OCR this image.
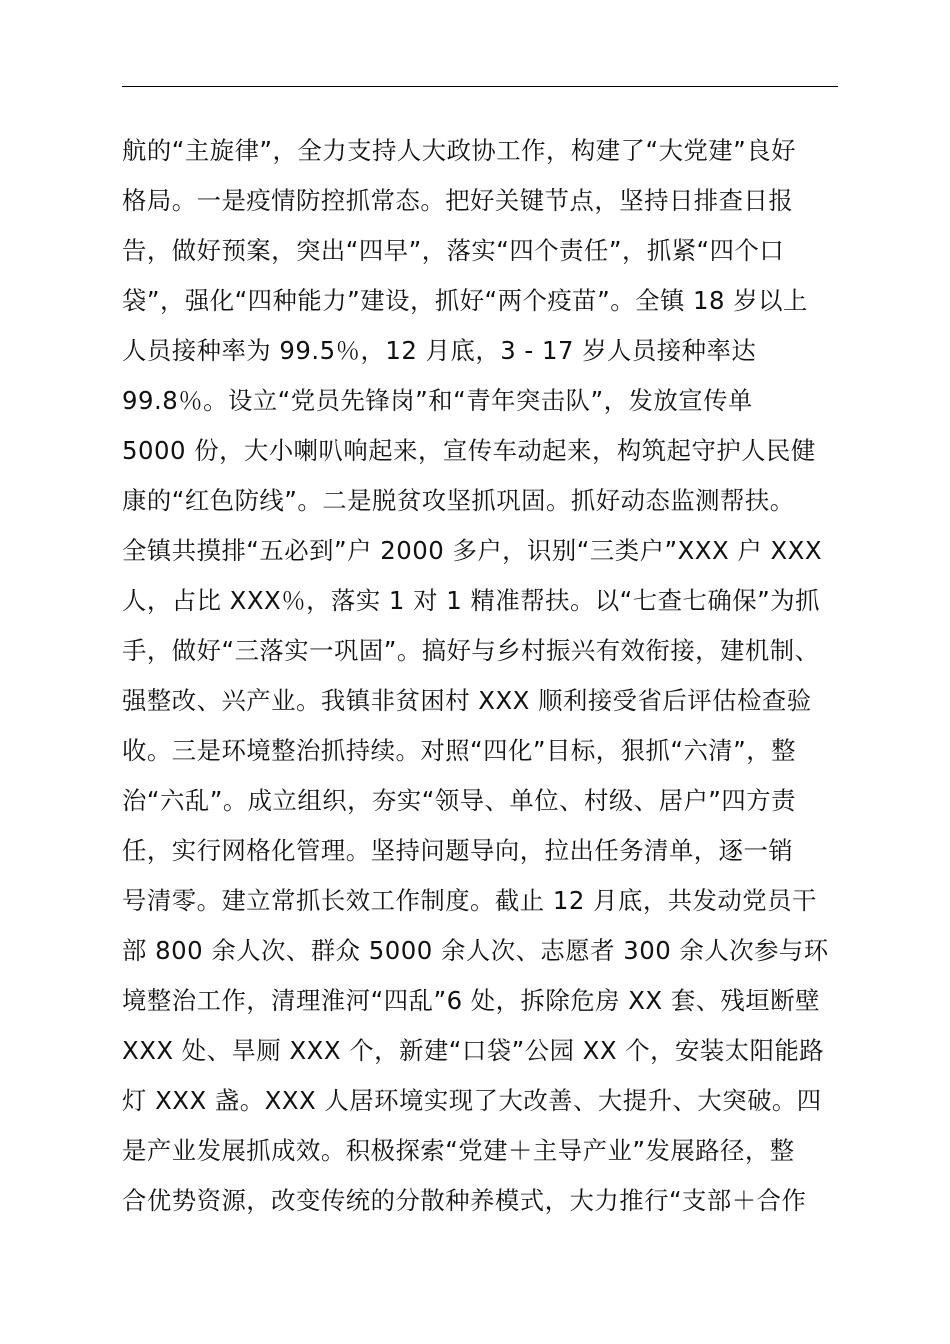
航的“主旋律”，全力支持人大政协工作，构建了“大党建”良好
格局。一是疫情防控抓常态。把好关键节点，坚持日排查日报
告，做好预案，突出“四早”，落实“四个责任”，抓紧“四个口
袋”，强化“四种能力”建设，抓好“两个疫苗”。全镇 18 岁以上
人员接种率为 99.5％，12 月底，3 - 17 岁人员接种率达
99.8％。设立“党员先锋岗”和“青年突击队”，发放宣传单
5000 份，大小喇叭响起来，宣传车动起来，构筑起守护人民健
康的“红色防线”。二是脱贫攻坚抓巩固。抓好动态监测帮扶。
全镇共摸排“五必到”户 2000 多户，识别“三类户”XXX 户 XXX
人，占比 XXX％，落实 1 对 1 精准帮扶。以“七查七确保”为抓
手，做好“三落实一巩固”。搞好与乡村振兴有效衔接，建机制、
强整改、兴产业。我镇非贫困村 XXX 顺利接受省后评估检查验
收。三是环境整治抓持续。对照“四化”目标，狠抓“六清”，整
治“六乱”。成立组织，夯实“领导、单位、村级、居户”四方责
任，实行网格化管理。坚持问题导向，拉出任务清单，逐一销
号清零。建立常抓长效工作制度。截止 12 月底，共发动党员干
部 800 余人次、群众 5000 余人次、志愿者 300 余人次参与环
境整治工作，清理淮河“四乱”6 处，拆除危房 XX 套、残垣断壁
XXX 处、旱厕 XXX 个，新建“口袋”公园 XX 个，安装太阳能路
灯 XXX 盏。XXX 人居环境实现了大改善、大提升、大突破。四
是产业发展抓成效。积极探索“党建＋主导产业”发展路径，整
合优势资源，改变传统的分散种养模式，大力推行“支部＋合作
